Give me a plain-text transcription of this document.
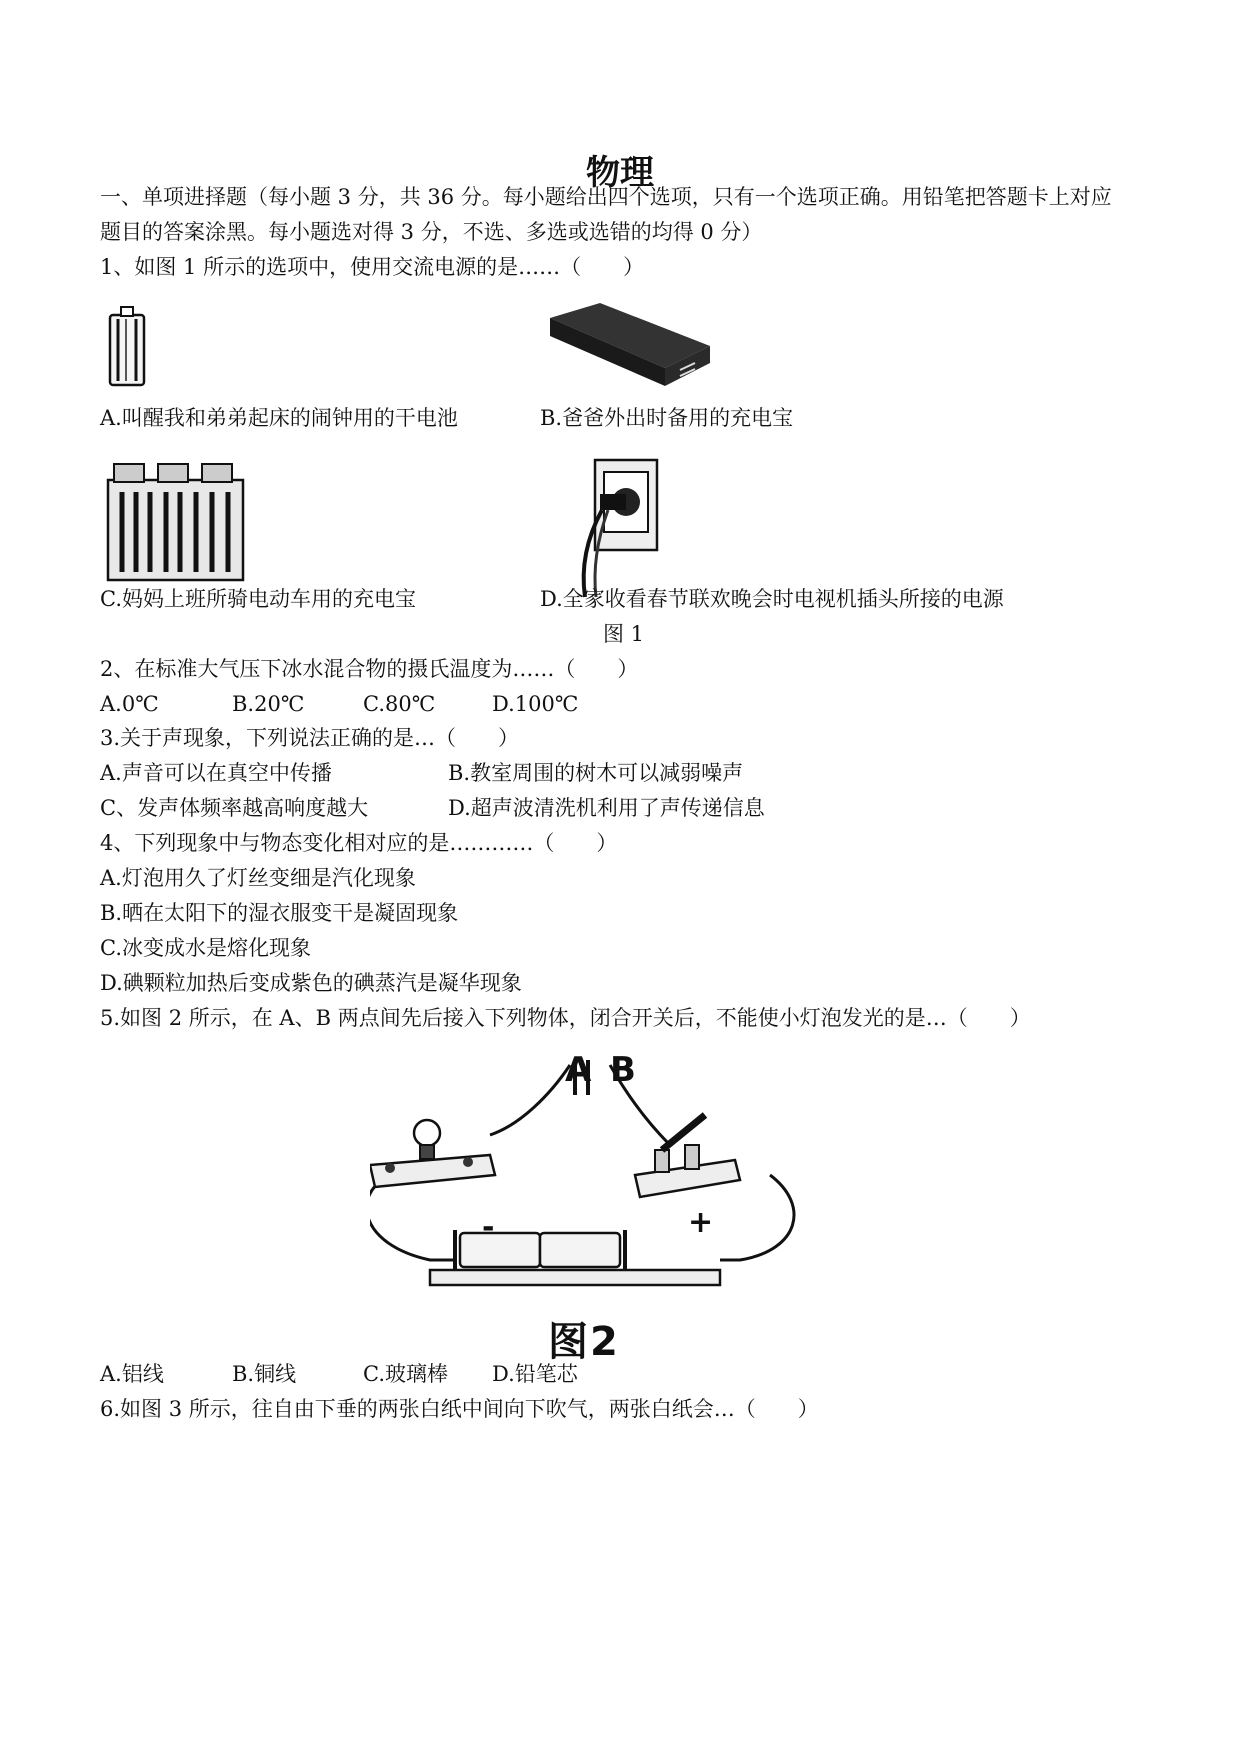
物理
一、单项进择题（每小题 3 分，共 36 分。每小题给出四个选项，只有一个选项正确。用铅笔把答题卡上对应
题目的答案涂黑。每小题选对得 3 分，不选、多选或选错的均得 0 分）
1、如图 1 所示的选项中，使用交流电源的是……（　　）
A.叫醒我和弟弟起床的闹钟用的干电池	B.爸爸外出时备用的充电宝
C.妈妈上班所骑电动车用的充电宝	D.全家收看春节联欢晚会时电视机插头所接的电源
图 1
2、在标准大气压下冰水混合物的摄氏温度为……（　　）
A.0℃	B.20℃	C.80℃	D.100℃
3.关于声现象，下列说法正确的是…（　　）
A.声音可以在真空中传播	B.教室周围的树木可以减弱噪声
C、发声体频率越高响度越大	D.超声波清洗机利用了声传递信息
4、下列现象中与物态变化相对应的是…………（　　）
A.灯泡用久了灯丝变细是汽化现象
B.晒在太阳下的湿衣服变干是凝固现象
C.冰变成水是熔化现象
D.碘颗粒加热后变成紫色的碘蒸汽是凝华现象
5.如图 2 所示，在 A、B 两点间先后接入下列物体，闭合开关后，不能使小灯泡发光的是…（　　）
A B
-	+
图2
A.铝线	B.铜线	C.玻璃棒 D.铅笔芯
6.如图 3 所示，往自由下垂的两张白纸中间向下吹气，两张白纸会…（　　）
